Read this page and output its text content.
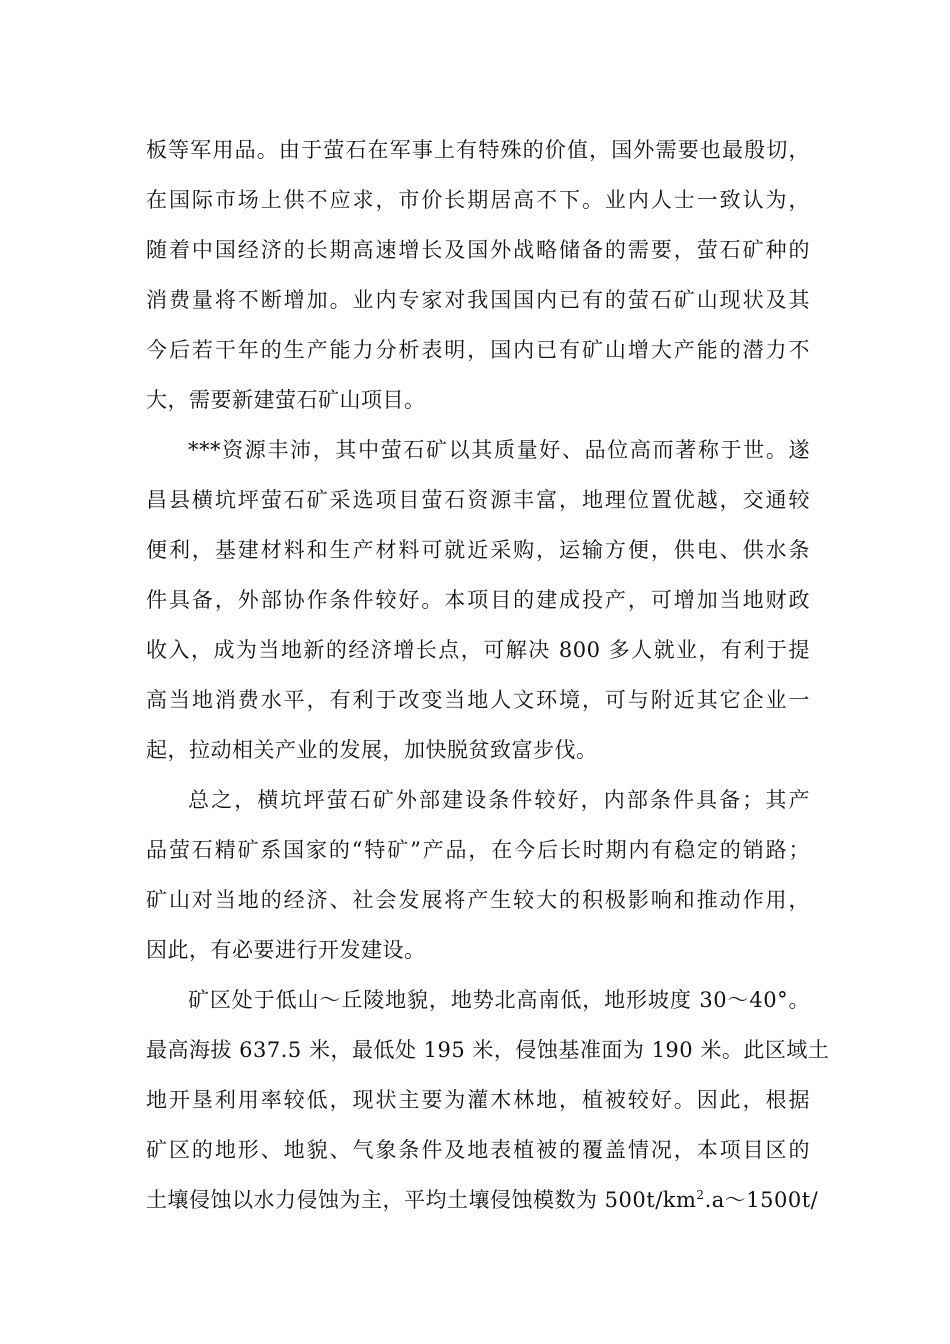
板等军用品。由于萤石在军事上有特殊的价值，国外需要也最殷切，
在国际市场上供不应求，市价长期居高不下。业内人士一致认为，
随着中国经济的长期高速增长及国外战略储备的需要，萤石矿种的
消费量将不断增加。业内专家对我国国内已有的萤石矿山现状及其
今后若干年的生产能力分析表明，国内已有矿山增大产能的潜力不
大，需要新建萤石矿山项目。
***资源丰沛，其中萤石矿以其质量好、品位高而著称于世。遂
昌县横坑坪萤石矿采选项目萤石资源丰富，地理位置优越，交通较
便利，基建材料和生产材料可就近采购，运输方便，供电、供水条
件具备，外部协作条件较好。本项目的建成投产，可增加当地财政
收入，成为当地新的经济增长点，可解决 800 多人就业，有利于提
高当地消费水平，有利于改变当地人文环境，可与附近其它企业一
起，拉动相关产业的发展，加快脱贫致富步伐。
总之，横坑坪萤石矿外部建设条件较好，内部条件具备；其产
品萤石精矿系国家的“特矿”产品，在今后长时期内有稳定的销路；
矿山对当地的经济、社会发展将产生较大的积极影响和推动作用，
因此，有必要进行开发建设。
矿区处于低山～丘陵地貌，地势北高南低，地形坡度 30～40°。
最高海拔 637.5 米，最低处 195 米，侵蚀基准面为 190 米。此区域土
地开垦利用率较低，现状主要为灌木林地，植被较好。因此，根据
矿区的地形、地貌、气象条件及地表植被的覆盖情况，本项目区的
土壤侵蚀以水力侵蚀为主，平均土壤侵蚀模数为 $500t/km^2.a\sim 1500t/$
